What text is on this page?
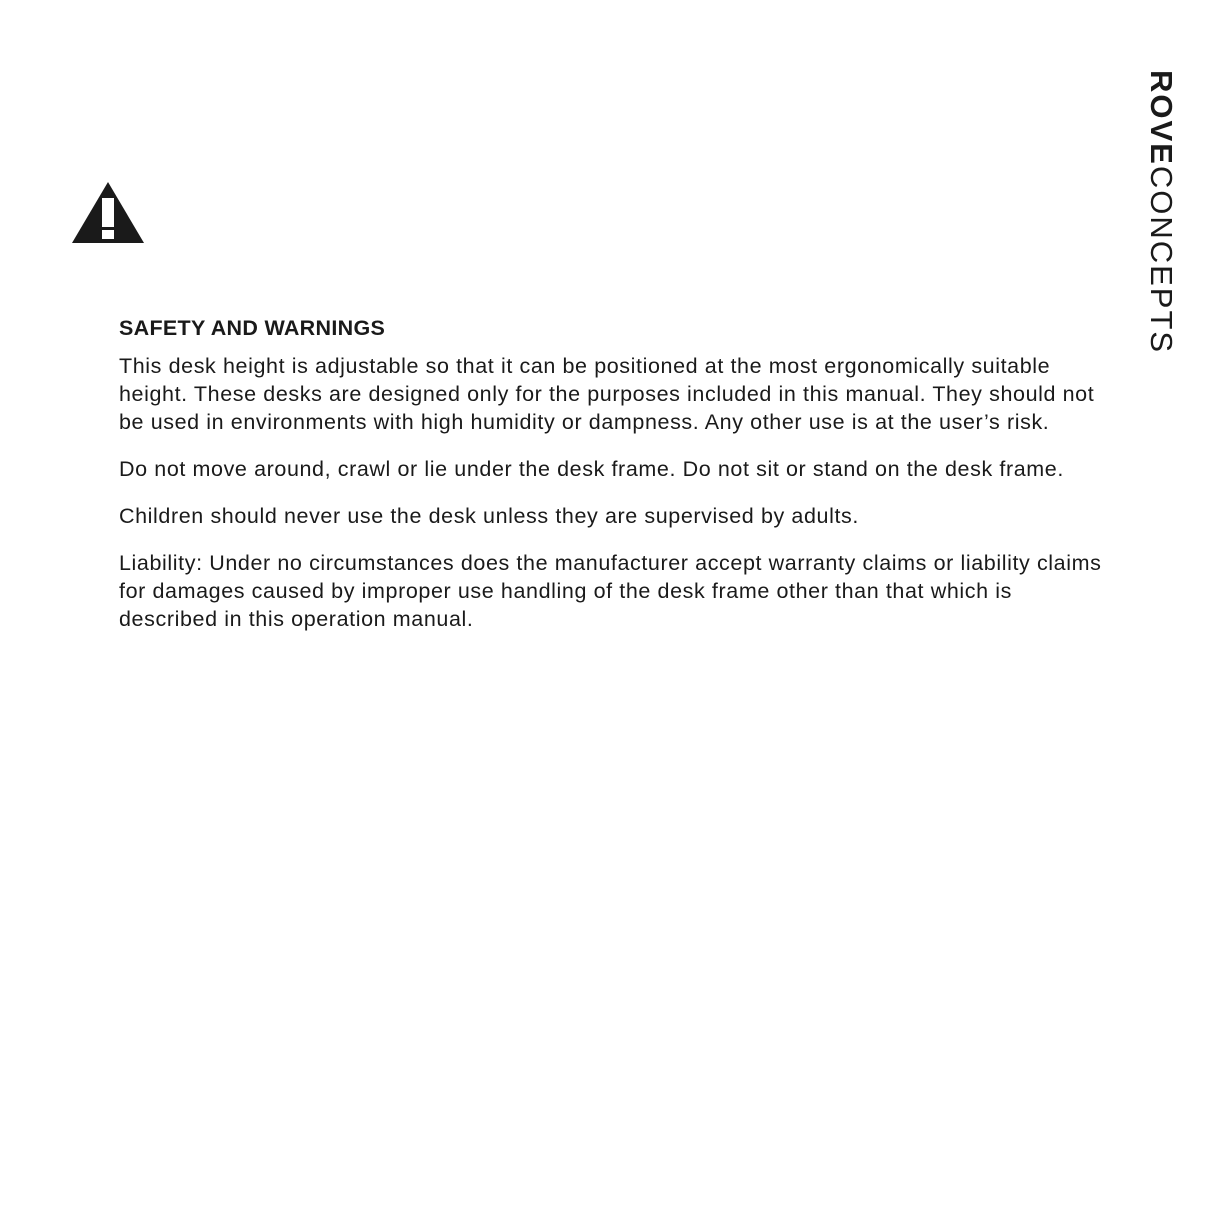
ROVECONCEPTS
SAFETY AND WARNINGS

This desk height is adjustable so that it can be positioned at the most ergonomically suitable height. These desks are designed only for the purposes included in this manual. They should not be used in environments with high humidity or dampness. Any other use is at the user’s risk.

Do not move around, crawl or lie under the desk frame. Do not sit or stand on the desk frame.

Children should never use the desk unless they are supervised by adults.

Liability: Under no circumstances does the manufacturer accept warranty claims or liability claims for damages caused by improper use handling of the desk frame other than that which is described in this operation manual.
